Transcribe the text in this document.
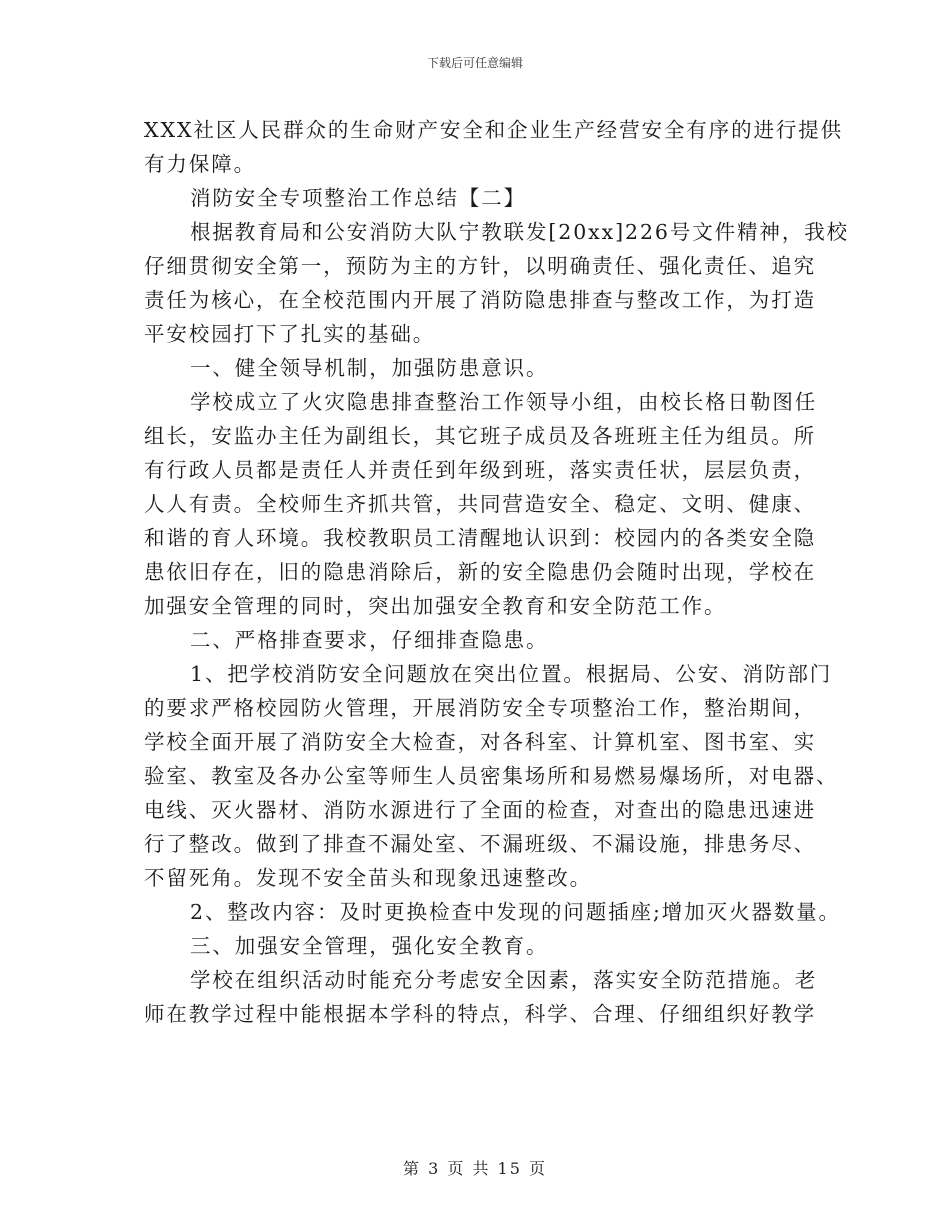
下载后可任意编辑
XXX社区人民群众的生命财产安全和企业生产经营安全有序的进行提供
有力保障。
消防安全专项整治工作总结【二】
根据教育局和公安消防大队宁教联发[20xx]226号文件精神，我校
仔细贯彻安全第一，预防为主的方针，以明确责任、强化责任、追究
责任为核心，在全校范围内开展了消防隐患排查与整改工作，为打造
平安校园打下了扎实的基础。
一、健全领导机制，加强防患意识。
学校成立了火灾隐患排查整治工作领导小组，由校长格日勒图任
组长，安监办主任为副组长，其它班子成员及各班班主任为组员。所
有行政人员都是责任人并责任到年级到班，落实责任状，层层负责，
人人有责。全校师生齐抓共管，共同营造安全、稳定、文明、健康、
和谐的育人环境。我校教职员工清醒地认识到：校园内的各类安全隐
患依旧存在，旧的隐患消除后，新的安全隐患仍会随时出现，学校在
加强安全管理的同时，突出加强安全教育和安全防范工作。
二、严格排查要求，仔细排查隐患。
1、把学校消防安全问题放在突出位置。根据局、公安、消防部门
的要求严格校园防火管理，开展消防安全专项整治工作，整治期间，
学校全面开展了消防安全大检查，对各科室、计算机室、图书室、实
验室、教室及各办公室等师生人员密集场所和易燃易爆场所，对电器、
电线、灭火器材、消防水源进行了全面的检查，对查出的隐患迅速进
行了整改。做到了排查不漏处室、不漏班级、不漏设施，排患务尽、
不留死角。发现不安全苗头和现象迅速整改。
2、整改内容：及时更换检查中发现的问题插座;增加灭火器数量。
三、加强安全管理，强化安全教育。
学校在组织活动时能充分考虑安全因素，落实安全防范措施。老
师在教学过程中能根据本学科的特点，科学、合理、仔细组织好教学
第 3 页 共 15 页
